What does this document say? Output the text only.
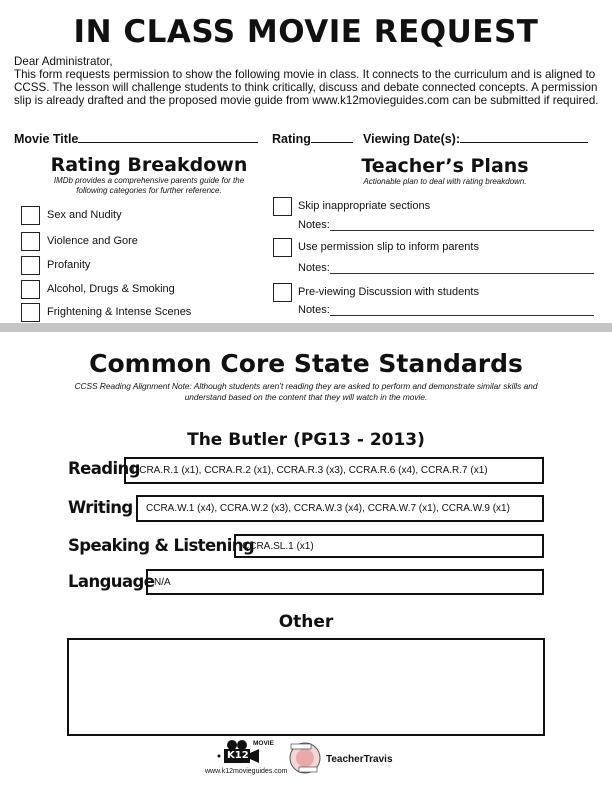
IN CLASS MOVIE REQUEST
Dear Administrator,
This form requests permission to show the following movie in class. It connects to the curriculum and is aligned to CCSS. The lesson will challenge students to think critically, discuss and debate connected concepts. A permission slip is already drafted and the proposed movie guide from www.k12movieguides.com can be submitted if required.
Movie Title	Rating	Viewing Date(s):
Rating Breakdown
IMDb provides a comprehensive parents guide for the
following categories for further reference.
Sex and Nudity
Violence and Gore
Profanity
Alcohol, Drugs & Smoking
Frightening & Intense Scenes
Teacher’s Plans
Actionable plan to deal with rating breakdown.
Skip inappropriate sections
Notes:
Use permission slip to inform parents
Notes:
Pre-viewing Discussion with students
Notes:
Common Core State Standards
CCSS Reading Alignment Note: Although students aren’t reading they are asked to perform and demonstrate similar skills and
understand based on the content that they will watch in the movie.
The Butler (PG13 - 2013)
Reading
CCRA.R.1 (x1), CCRA.R.2 (x1), CCRA.R.3 (x3), CCRA.R.6 (x4), CCRA.R.7 (x1)
Writing	CCRA.W.1 (x4), CCRA.W.2 (x3), CCRA.W.3 (x4), CCRA.W.7 (x1), CCRA.W.9 (x1)
Speaking & Listening
CCRA.SL.1 (x1)
Language N/A
Other
K12
MOVIE
www.k12movieguides.com
TeacherTravis
